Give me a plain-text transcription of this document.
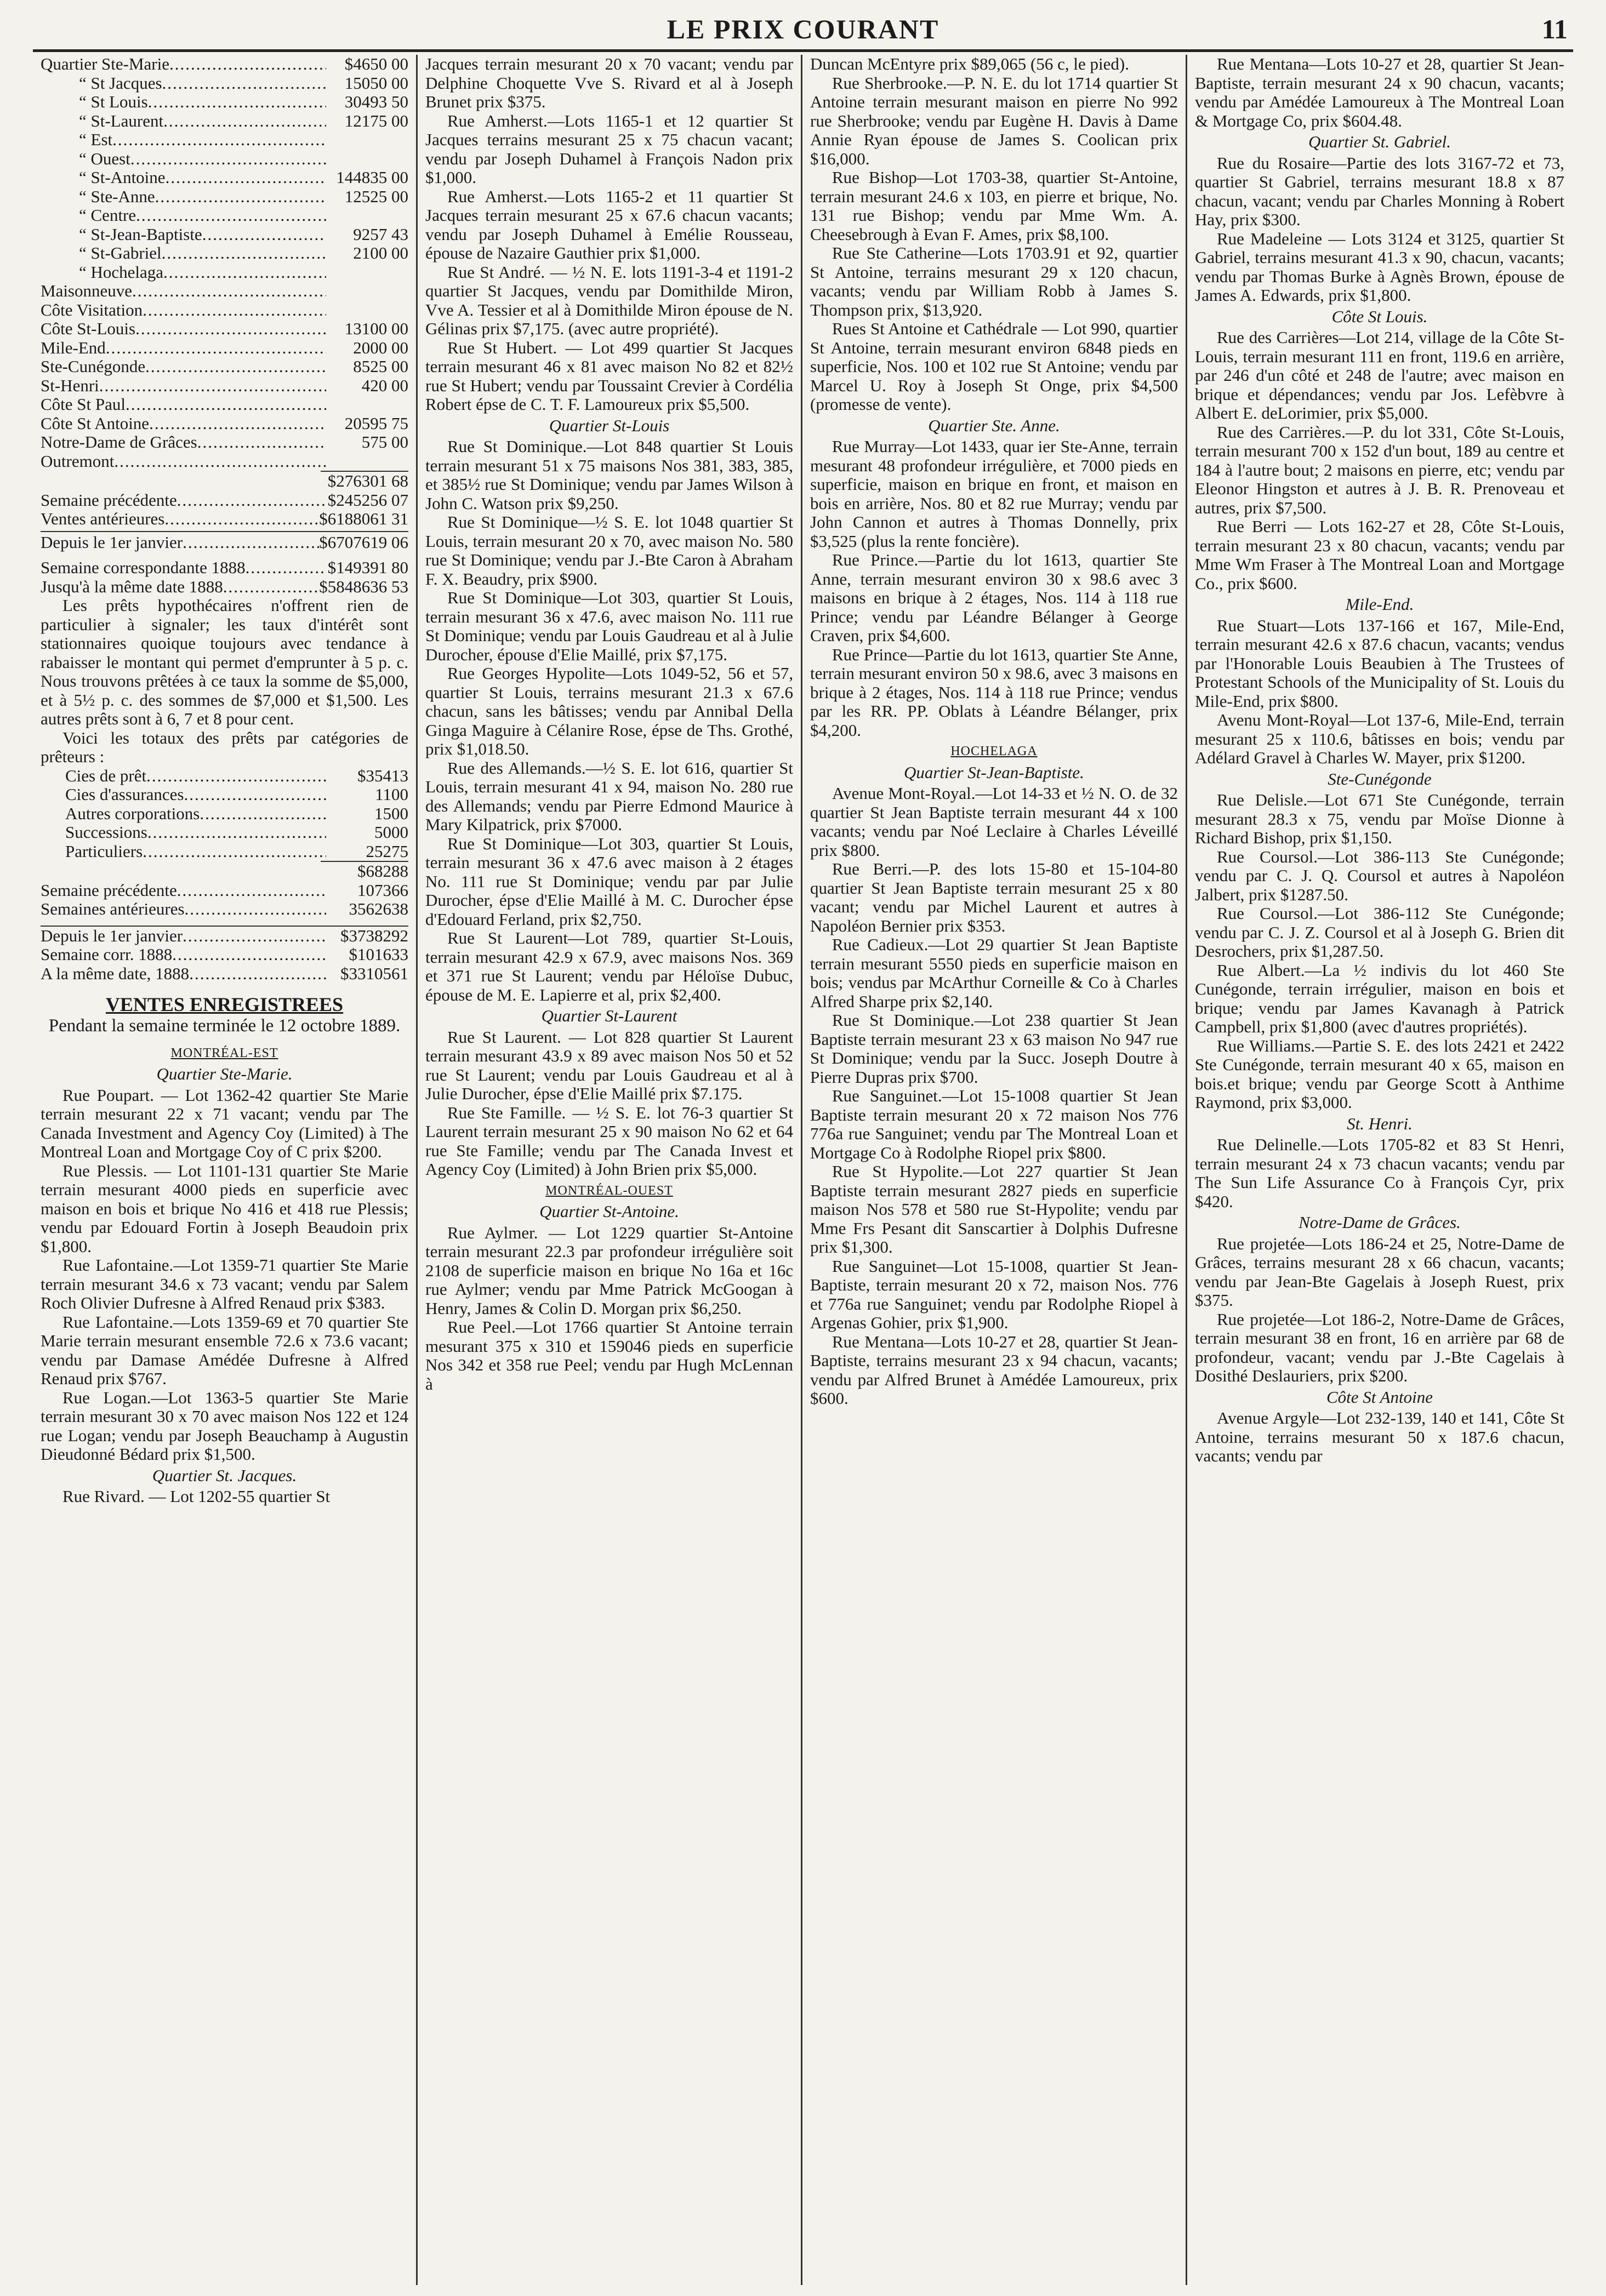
LE PRIX COURANT	11
Quartier Ste-Marie .....	$4650 00
“ St Jacques .....	15050 00
“ St Louis .....	30493 50
“ St-Laurent .....	12175 00
“ Est
.....
“ Ouest
.....
“ St-Antoine .....	144835 00
“ Ste-Anne .....	12525 00
“ Centre
.....
“ St-Jean-Baptiste .....	9257 43
“ St-Gabriel .....	2100 00
“ Hochelaga
.....
Maisonneuve
.....
Côte Visitation
.....
Côte St-Louis .....	13100 00
Mile-End .....	2000 00
Ste-Cunégonde .....	8525 00
St-Henri .....	420 00
Côte St Paul
.....
Côte St Antoine .....	20595 75
Notre-Dame de Grâces .....	575 00
Outremont
.....
$276301 68
Semaine précédente .....	$245256 07
Ventes antérieures .....	$6188061 31
Depuis le 1er janvier .....	$6707619 06
Semaine correspondante 1888 .....	$149391 80
Jusqu'à la même date 1888 .....	$5848636 53

Les prêts hypothécaires n'offrent rien de particulier à signaler; les taux d'intérêt sont stationnaires quoique toujours avec tendance à rabaisser le montant qui permet d'emprunter à 5 p. c. Nous trouvons prêtées à ce taux la somme de $5,000, et à 5½ p. c. des sommes de $7,000 et $1,500. Les autres prêts sont à 6, 7 et 8 pour cent.

Voici les totaux des prêts par catégories de prêteurs :

Cies de prêt .....	$35413
Cies d'assurances .....	1100
Autres corporations .....	1500
Successions .....	5000
Particuliers .....	25275
$68288
Semaine précédente .....	107366
Semaines antérieures .....	3562638
Depuis le 1er janvier .....	$3738292
Semaine corr. 1888 .....	$101633
A la même date, 1888 .....	$3310561
VENTES ENREGISTREES
Pendant la semaine terminée le 12 octobre 1889.
MONTRÉAL-EST
Quartier Ste-Marie.

Rue Poupart. — Lot 1362-42 quartier Ste Marie terrain mesurant 22 x 71 vacant; vendu par The Canada Investment and Agency Coy (Limited) à The Montreal Loan and Mortgage Coy of C prix $200.

Rue Plessis. — Lot 1101-131 quartier Ste Marie terrain mesurant 4000 pieds en superficie avec maison en bois et brique No 416 et 418 rue Plessis; vendu par Edouard Fortin à Joseph Beaudoin prix $1,800.

Rue Lafontaine.—Lot 1359-71 quartier Ste Marie terrain mesurant 34.6 x 73 vacant; vendu par Salem Roch Olivier Dufresne à Alfred Renaud prix $383.

Rue Lafontaine.—Lots 1359-69 et 70 quartier Ste Marie terrain mesurant ensemble 72.6 x 73.6 vacant; vendu par Damase Amédée Dufresne à Alfred Renaud prix $767.

Rue Logan.—Lot 1363-5 quartier Ste Marie terrain mesurant 30 x 70 avec maison Nos 122 et 124 rue Logan; vendu par Joseph Beauchamp à Augustin Dieudonné Bédard prix $1,500.

Quartier St. Jacques.

Rue Rivard. — Lot 1202-55 quartier St

Jacques terrain mesurant 20 x 70 vacant; vendu par Delphine Choquette Vve S. Rivard et al à Joseph Brunet prix $375.

Rue Amherst.—Lots 1165-1 et 12 quartier St Jacques terrains mesurant 25 x 75 chacun vacant; vendu par Joseph Duhamel à François Nadon prix $1,000.

Rue Amherst.—Lots 1165-2 et 11 quartier St Jacques terrain mesurant 25 x 67.6 chacun vacants; vendu par Joseph Duhamel à Emélie Rousseau, épouse de Nazaire Gauthier prix $1,000.

Rue St André. — ½ N. E. lots 1191-3-4 et 1191-2 quartier St Jacques, vendu par Domithilde Miron, Vve A. Tessier et al à Domithilde Miron épouse de N. Gélinas prix $7,175. (avec autre propriété).

Rue St Hubert. — Lot 499 quartier St Jacques terrain mesurant 46 x 81 avec maison No 82 et 82½ rue St Hubert; vendu par Toussaint Crevier à Cordélia Robert épse de C. T. F. Lamoureux prix $5,500.

Quartier St-Louis

Rue St Dominique.—Lot 848 quartier St Louis terrain mesurant 51 x 75 maisons Nos 381, 383, 385, et 385½ rue St Dominique; vendu par James Wilson à John C. Watson prix $9,250.

Rue St Dominique—½ S. E. lot 1048 quartier St Louis, terrain mesurant 20 x 70, avec maison No. 580 rue St Dominique; vendu par J.-Bte Caron à Abraham F. X. Beaudry, prix $900.

Rue St Dominique—Lot 303, quartier St Louis, terrain mesurant 36 x 47.6, avec maison No. 111 rue St Dominique; vendu par Louis Gaudreau et al à Julie Durocher, épouse d'Elie Maillé, prix $7,175.

Rue Georges Hypolite—Lots 1049-52, 56 et 57, quartier St Louis, terrains mesurant 21.3 x 67.6 chacun, sans les bâtisses; vendu par Annibal Della Ginga Maguire à Célanire Rose, épse de Ths. Grothé, prix $1,018.50.

Rue des Allemands.—½ S. E. lot 616, quartier St Louis, terrain mesurant 41 x 94, maison No. 280 rue des Allemands; vendu par Pierre Edmond Maurice à Mary Kilpatrick, prix $7000.

Rue St Dominique—Lot 303, quartier St Louis, terrain mesurant 36 x 47.6 avec maison à 2 étages No. 111 rue St Dominique; vendu par par Julie Durocher, épse d'Elie Maillé à M. C. Durocher épse d'Edouard Ferland, prix $2,750.

Rue St Laurent—Lot 789, quartier St-Louis, terrain mesurant 42.9 x 67.9, avec maisons Nos. 369 et 371 rue St Laurent; vendu par Héloïse Dubuc, épouse de M. E. Lapierre et al, prix $2,400.

Quartier St-Laurent

Rue St Laurent. — Lot 828 quartier St Laurent terrain mesurant 43.9 x 89 avec maison Nos 50 et 52 rue St Laurent; vendu par Louis Gaudreau et al à Julie Durocher, épse d'Elie Maillé prix $7.175.

Rue Ste Famille. — ½ S. E. lot 76-3 quartier St Laurent terrain mesurant 25 x 90 maison No 62 et 64 rue Ste Famille; vendu par The Canada Invest et Agency Coy (Limited) à John Brien prix $5,000.

MONTRÉAL-OUEST
Quartier St-Antoine.

Rue Aylmer. — Lot 1229 quartier St-Antoine terrain mesurant 22.3 par profondeur irrégulière soit 2108 de superficie maison en brique No 16a et 16c rue Aylmer; vendu par Mme Patrick McGoogan à Henry, James & Colin D. Morgan prix $6,250.

Rue Peel.—Lot 1766 quartier St Antoine terrain mesurant 375 x 310 et 159046 pieds en superficie Nos 342 et 358 rue Peel; vendu par Hugh McLennan à

Duncan McEntyre prix $89,065 (56 c, le pied).

Rue Sherbrooke.—P. N. E. du lot 1714 quartier St Antoine terrain mesurant maison en pierre No 992 rue Sherbrooke; vendu par Eugène H. Davis à Dame Annie Ryan épouse de James S. Coolican prix $16,000.

Rue Bishop—Lot 1703-38, quartier St-Antoine, terrain mesurant 24.6 x 103, en pierre et brique, No. 131 rue Bishop; vendu par Mme Wm. A. Cheesebrough à Evan F. Ames, prix $8,100.

Rue Ste Catherine—Lots 1703.91 et 92, quartier St Antoine, terrains mesurant 29 x 120 chacun, vacants; vendu par William Robb à James S. Thompson prix, $13,920.

Rues St Antoine et Cathédrale — Lot 990, quartier St Antoine, terrain mesurant environ 6848 pieds en superficie, Nos. 100 et 102 rue St Antoine; vendu par Marcel U. Roy à Joseph St Onge, prix $4,500 (promesse de vente).

Quartier Ste. Anne.

Rue Murray—Lot 1433, quar ier Ste-Anne, terrain mesurant 48 profondeur irrégulière, et 7000 pieds en superficie, maison en brique en front, et maison en bois en arrière, Nos. 80 et 82 rue Murray; vendu par John Cannon et autres à Thomas Donnelly, prix $3,525 (plus la rente foncière).

Rue Prince.—Partie du lot 1613, quartier Ste Anne, terrain mesurant environ 30 x 98.6 avec 3 maisons en brique à 2 étages, Nos. 114 à 118 rue Prince; vendu par Léandre Bélanger à George Craven, prix $4,600.

Rue Prince—Partie du lot 1613, quartier Ste Anne, terrain mesurant environ 50 x 98.6, avec 3 maisons en brique à 2 étages, Nos. 114 à 118 rue Prince; vendus par les RR. PP. Oblats à Léandre Bélanger, prix $4,200.

HOCHELAGA
Quartier St-Jean-Baptiste.

Avenue Mont-Royal.—Lot 14-33 et ½ N. O. de 32 quartier St Jean Baptiste terrain mesurant 44 x 100 vacants; vendu par Noé Leclaire à Charles Léveillé prix $800.

Rue Berri.—P. des lots 15-80 et 15-104-80 quartier St Jean Baptiste terrain mesurant 25 x 80 vacant; vendu par Michel Laurent et autres à Napoléon Bernier prix $353.

Rue Cadieux.—Lot 29 quartier St Jean Baptiste terrain mesurant 5550 pieds en superficie maison en bois; vendus par McArthur Corneille & Co à Charles Alfred Sharpe prix $2,140.

Rue St Dominique.—Lot 238 quartier St Jean Baptiste terrain mesurant 23 x 63 maison No 947 rue St Dominique; vendu par la Succ. Joseph Doutre à Pierre Dupras prix $700.

Rue Sanguinet.—Lot 15-1008 quartier St Jean Baptiste terrain mesurant 20 x 72 maison Nos 776 776a rue Sanguinet; vendu par The Montreal Loan et Mortgage Co à Rodolphe Riopel prix $800.

Rue St Hypolite.—Lot 227 quartier St Jean Baptiste terrain mesurant 2827 pieds en superficie maison Nos 578 et 580 rue St-Hypolite; vendu par Mme Frs Pesant dit Sanscartier à Dolphis Dufresne prix $1,300.

Rue Sanguinet—Lot 15-1008, quartier St Jean-Baptiste, terrain mesurant 20 x 72, maison Nos. 776 et 776a rue Sanguinet; vendu par Rodolphe Riopel à Argenas Gohier, prix $1,900.

Rue Mentana—Lots 10-27 et 28, quartier St Jean-Baptiste, terrains mesurant 23 x 94 chacun, vacants; vendu par Alfred Brunet à Amédée Lamoureux, prix $600.

Rue Mentana—Lots 10-27 et 28, quartier St Jean-Baptiste, terrain mesurant 24 x 90 chacun, vacants; vendu par Amédée Lamoureux à The Montreal Loan & Mortgage Co, prix $604.48.

Quartier St. Gabriel.

Rue du Rosaire—Partie des lots 3167-72 et 73, quartier St Gabriel, terrains mesurant 18.8 x 87 chacun, vacant; vendu par Charles Monning à Robert Hay, prix $300.

Rue Madeleine — Lots 3124 et 3125, quartier St Gabriel, terrains mesurant 41.3 x 90, chacun, vacants; vendu par Thomas Burke à Agnès Brown, épouse de James A. Edwards, prix $1,800.

Côte St Louis.

Rue des Carrières—Lot 214, village de la Côte St-Louis, terrain mesurant 111 en front, 119.6 en arrière, par 246 d'un côté et 248 de l'autre; avec maison en brique et dépendances; vendu par Jos. Lefèbvre à Albert E. deLorimier, prix $5,000.

Rue des Carrières.—P. du lot 331, Côte St-Louis, terrain mesurant 700 x 152 d'un bout, 189 au centre et 184 à l'autre bout; 2 maisons en pierre, etc; vendu par Eleonor Hingston et autres à J. B. R. Prenoveau et autres, prix $7,500.

Rue Berri — Lots 162-27 et 28, Côte St-Louis, terrain mesurant 23 x 80 chacun, vacants; vendu par Mme Wm Fraser à The Montreal Loan and Mortgage Co., prix $600.

Mile-End.

Rue Stuart—Lots 137-166 et 167, Mile-End, terrain mesurant 42.6 x 87.6 chacun, vacants; vendus par l'Honorable Louis Beaubien à The Trustees of Protestant Schools of the Municipality of St. Louis du Mile-End, prix $800.

Avenu Mont-Royal—Lot 137-6, Mile-End, terrain mesurant 25 x 110.6, bâtisses en bois; vendu par Adélard Gravel à Charles W. Mayer, prix $1200.

Ste-Cunégonde

Rue Delisle.—Lot 671 Ste Cunégonde, terrain mesurant 28.3 x 75, vendu par Moïse Dionne à Richard Bishop, prix $1,150.

Rue Coursol.—Lot 386-113 Ste Cunégonde; vendu par C. J. Q. Coursol et autres à Napoléon Jalbert, prix $1287.50.

Rue Coursol.—Lot 386-112 Ste Cunégonde; vendu par C. J. Z. Coursol et al à Joseph G. Brien dit Desrochers, prix $1,287.50.

Rue Albert.—La ½ indivis du lot 460 Ste Cunégonde, terrain irrégulier, maison en bois et brique; vendu par James Kavanagh à Patrick Campbell, prix $1,800 (avec d'autres propriétés).

Rue Williams.—Partie S. E. des lots 2421 et 2422 Ste Cunégonde, terrain mesurant 40 x 65, maison en bois.et brique; vendu par George Scott à Anthime Raymond, prix $3,000.

St. Henri.

Rue Delinelle.—Lots 1705-82 et 83 St Henri, terrain mesurant 24 x 73 chacun vacants; vendu par The Sun Life Assurance Co à François Cyr, prix $420.

Notre-Dame de Grâces.

Rue projetée—Lots 186-24 et 25, Notre-Dame de Grâces, terrains mesurant 28 x 66 chacun, vacants; vendu par Jean-Bte Gagelais à Joseph Ruest, prix $375.

Rue projetée—Lot 186-2, Notre-Dame de Grâces, terrain mesurant 38 en front, 16 en arrière par 68 de profondeur, vacant; vendu par J.-Bte Cagelais à Dosithé Deslauriers, prix $200.

Côte St Antoine

Avenue Argyle—Lot 232-139, 140 et 141, Côte St Antoine, terrains mesurant 50 x 187.6 chacun, vacants; vendu par
